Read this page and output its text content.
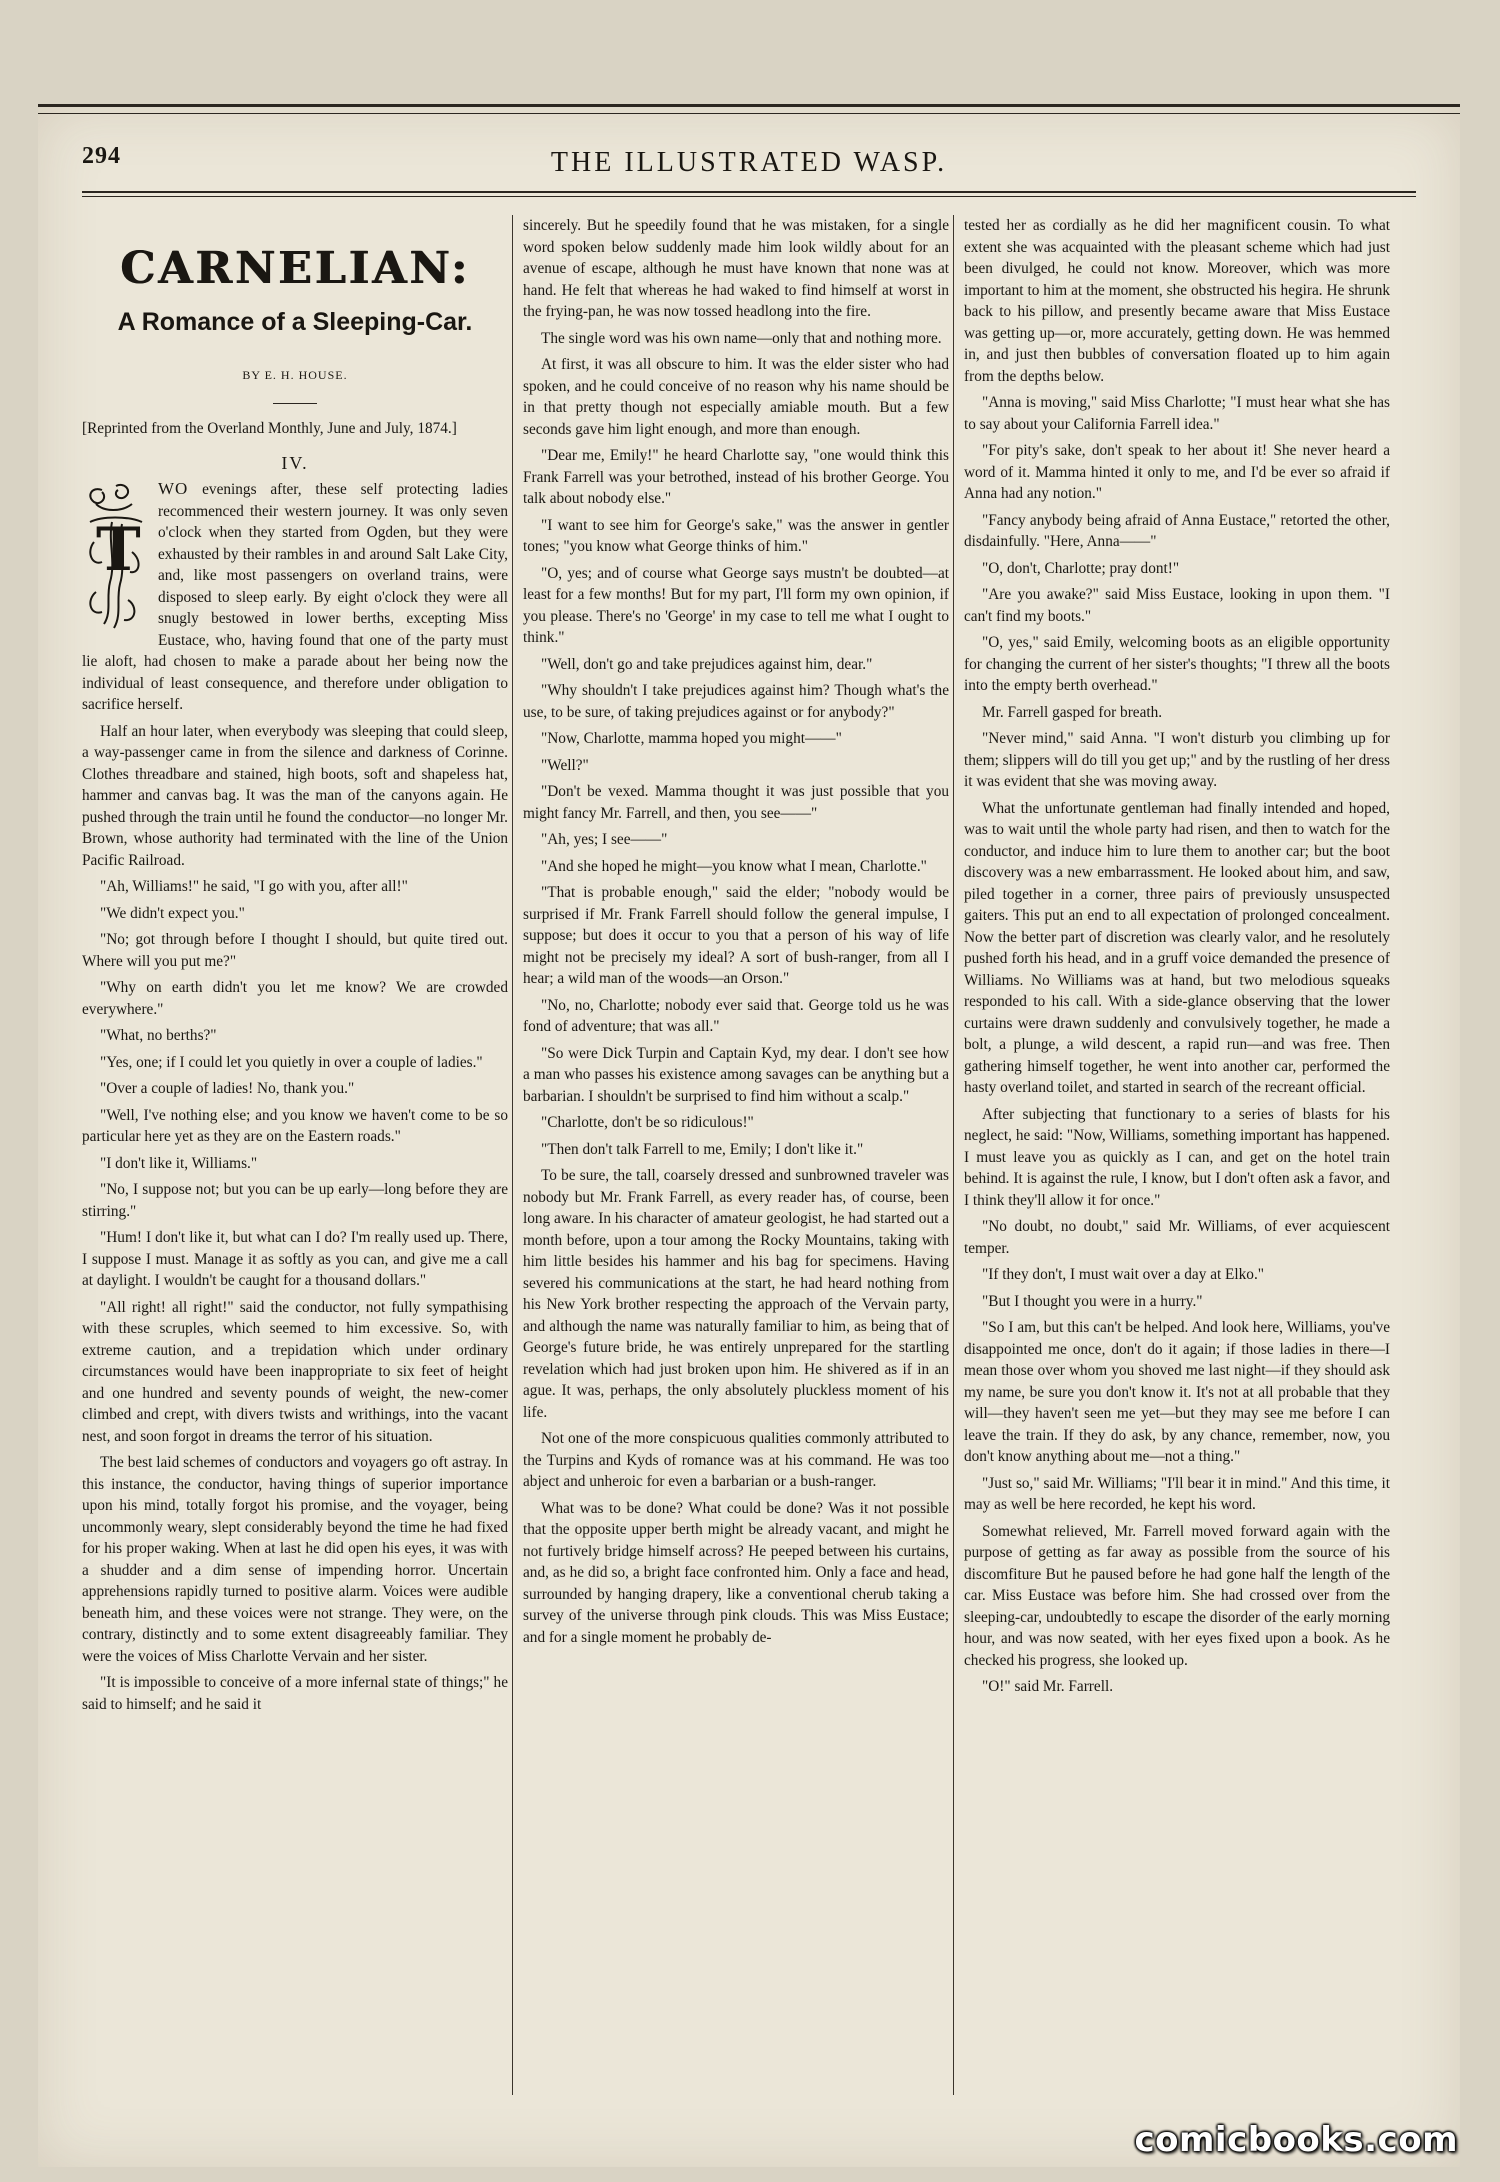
294	THE ILLUSTRATED WASP.
CARNELIAN:
A Romance of a Sleeping-Car.
BY E. H. HOUSE.

[Reprinted from the Overland Monthly, June and July, 1874.]

IV.
T

WO evenings after, these self protecting ladies recommenced their western journey. It was only seven o'clock when they started from Ogden, but they were exhausted by their rambles in and around Salt Lake City, and, like most passengers on overland trains, were disposed to sleep early. By eight o'clock they were all snugly bestowed in lower berths, excepting Miss Eustace, who, having found that one of the party must lie aloft, had chosen to make a parade about her being now the individual of least consequence, and therefore under obligation to sacrifice herself.

Half an hour later, when everybody was sleeping that could sleep, a way-passenger came in from the silence and darkness of Corinne. Clothes threadbare and stained, high boots, soft and shapeless hat, hammer and canvas bag. It was the man of the canyons again. He pushed through the train until he found the conductor—no longer Mr. Brown, whose authority had terminated with the line of the Union Pacific Railroad.

"Ah, Williams!" he said, "I go with you, after all!"

"We didn't expect you."

"No; got through before I thought I should, but quite tired out. Where will you put me?"

"Why on earth didn't you let me know? We are crowded everywhere."

"What, no berths?"

"Yes, one; if I could let you quietly in over a couple of ladies."

"Over a couple of ladies! No, thank you."

"Well, I've nothing else; and you know we haven't come to be so particular here yet as they are on the Eastern roads."

"I don't like it, Williams."

"No, I suppose not; but you can be up early—long before they are stirring."

"Hum! I don't like it, but what can I do? I'm really used up. There, I suppose I must. Manage it as softly as you can, and give me a call at daylight. I wouldn't be caught for a thousand dollars."

"All right! all right!" said the conductor, not fully sympathising with these scruples, which seemed to him excessive. So, with extreme caution, and a trepidation which under ordinary circumstances would have been inappropriate to six feet of height and one hundred and seventy pounds of weight, the new-comer climbed and crept, with divers twists and writhings, into the vacant nest, and soon forgot in dreams the terror of his situation.

The best laid schemes of conductors and voyagers go oft astray. In this instance, the conductor, having things of superior importance upon his mind, totally forgot his promise, and the voyager, being uncommonly weary, slept considerably beyond the time he had fixed for his proper waking. When at last he did open his eyes, it was with a shudder and a dim sense of impending horror. Uncertain apprehensions rapidly turned to positive alarm. Voices were audible beneath him, and these voices were not strange. They were, on the contrary, distinctly and to some extent disagreeably familiar. They were the voices of Miss Charlotte Vervain and her sister.

"It is impossible to conceive of a more infernal state of things;" he said to himself; and he said it

sincerely. But he speedily found that he was mistaken, for a single word spoken below suddenly made him look wildly about for an avenue of escape, although he must have known that none was at hand. He felt that whereas he had waked to find himself at worst in the frying-pan, he was now tossed headlong into the fire.

The single word was his own name—only that and nothing more.

At first, it was all obscure to him. It was the elder sister who had spoken, and he could conceive of no reason why his name should be in that pretty though not especially amiable mouth. But a few seconds gave him light enough, and more than enough.

"Dear me, Emily!" he heard Charlotte say, "one would think this Frank Farrell was your betrothed, instead of his brother George. You talk about nobody else."

"I want to see him for George's sake," was the answer in gentler tones; "you know what George thinks of him."

"O, yes; and of course what George says mustn't be doubted—at least for a few months! But for my part, I'll form my own opinion, if you please. There's no 'George' in my case to tell me what I ought to think."

"Well, don't go and take prejudices against him, dear."

"Why shouldn't I take prejudices against him? Though what's the use, to be sure, of taking prejudices against or for anybody?"

"Now, Charlotte, mamma hoped you might——"

"Well?"

"Don't be vexed. Mamma thought it was just possible that you might fancy Mr. Farrell, and then, you see——"

"Ah, yes; I see——"

"And she hoped he might—you know what I mean, Charlotte."

"That is probable enough," said the elder; "nobody would be surprised if Mr. Frank Farrell should follow the general impulse, I suppose; but does it occur to you that a person of his way of life might not be precisely my ideal? A sort of bush-ranger, from all I hear; a wild man of the woods—an Orson."

"No, no, Charlotte; nobody ever said that. George told us he was fond of adventure; that was all."

"So were Dick Turpin and Captain Kyd, my dear. I don't see how a man who passes his existence among savages can be anything but a barbarian. I shouldn't be surprised to find him without a scalp."

"Charlotte, don't be so ridiculous!"

"Then don't talk Farrell to me, Emily; I don't like it."

To be sure, the tall, coarsely dressed and sunbrowned traveler was nobody but Mr. Frank Farrell, as every reader has, of course, been long aware. In his character of amateur geologist, he had started out a month before, upon a tour among the Rocky Mountains, taking with him little besides his hammer and his bag for specimens. Having severed his communications at the start, he had heard nothing from his New York brother respecting the approach of the Vervain party, and although the name was naturally familiar to him, as being that of George's future bride, he was entirely unprepared for the startling revelation which had just broken upon him. He shivered as if in an ague. It was, perhaps, the only absolutely pluckless moment of his life.

Not one of the more conspicuous qualities commonly attributed to the Turpins and Kyds of romance was at his command. He was too abject and unheroic for even a barbarian or a bush-ranger.

What was to be done? What could be done? Was it not possible that the opposite upper berth might be already vacant, and might he not furtively bridge himself across? He peeped between his curtains, and, as he did so, a bright face confronted him. Only a face and head, surrounded by hanging drapery, like a conventional cherub taking a survey of the universe through pink clouds. This was Miss Eustace; and for a single moment he probably de-

tested her as cordially as he did her magnificent cousin. To what extent she was acquainted with the pleasant scheme which had just been divulged, he could not know. Moreover, which was more important to him at the moment, she obstructed his hegira. He shrunk back to his pillow, and presently became aware that Miss Eustace was getting up—or, more accurately, getting down. He was hemmed in, and just then bubbles of conversation floated up to him again from the depths below.

"Anna is moving," said Miss Charlotte; "I must hear what she has to say about your California Farrell idea."

"For pity's sake, don't speak to her about it! She never heard a word of it. Mamma hinted it only to me, and I'd be ever so afraid if Anna had any notion."

"Fancy anybody being afraid of Anna Eustace," retorted the other, disdainfully. "Here, Anna——"

"O, don't, Charlotte; pray dont!"

"Are you awake?" said Miss Eustace, looking in upon them. "I can't find my boots."

"O, yes," said Emily, welcoming boots as an eligible opportunity for changing the current of her sister's thoughts; "I threw all the boots into the empty berth overhead."

Mr. Farrell gasped for breath.

"Never mind," said Anna. "I won't disturb you climbing up for them; slippers will do till you get up;" and by the rustling of her dress it was evident that she was moving away.

What the unfortunate gentleman had finally intended and hoped, was to wait until the whole party had risen, and then to watch for the conductor, and induce him to lure them to another car; but the boot discovery was a new embarrassment. He looked about him, and saw, piled together in a corner, three pairs of previously unsuspected gaiters. This put an end to all expectation of prolonged concealment. Now the better part of discretion was clearly valor, and he resolutely pushed forth his head, and in a gruff voice demanded the presence of Williams. No Williams was at hand, but two melodious squeaks responded to his call. With a side-glance observing that the lower curtains were drawn suddenly and convulsively together, he made a bolt, a plunge, a wild descent, a rapid run—and was free. Then gathering himself together, he went into another car, performed the hasty overland toilet, and started in search of the recreant official.

After subjecting that functionary to a series of blasts for his neglect, he said: "Now, Williams, something important has happened. I must leave you as quickly as I can, and get on the hotel train behind. It is against the rule, I know, but I don't often ask a favor, and I think they'll allow it for once."

"No doubt, no doubt," said Mr. Williams, of ever acquiescent temper.

"If they don't, I must wait over a day at Elko."

"But I thought you were in a hurry."

"So I am, but this can't be helped. And look here, Williams, you've disappointed me once, don't do it again; if those ladies in there—I mean those over whom you shoved me last night—if they should ask my name, be sure you don't know it. It's not at all probable that they will—they haven't seen me yet—but they may see me before I can leave the train. If they do ask, by any chance, remember, now, you don't know anything about me—not a thing."

"Just so," said Mr. Williams; "I'll bear it in mind." And this time, it may as well be here recorded, he kept his word.

Somewhat relieved, Mr. Farrell moved forward again with the purpose of getting as far away as possible from the source of his discomfiture But he paused before he had gone half the length of the car. Miss Eustace was before him. She had crossed over from the sleeping-car, undoubtedly to escape the disorder of the early morning hour, and was now seated, with her eyes fixed upon a book. As he checked his progress, she looked up.

"O!" said Mr. Farrell.

comicbooks.com
